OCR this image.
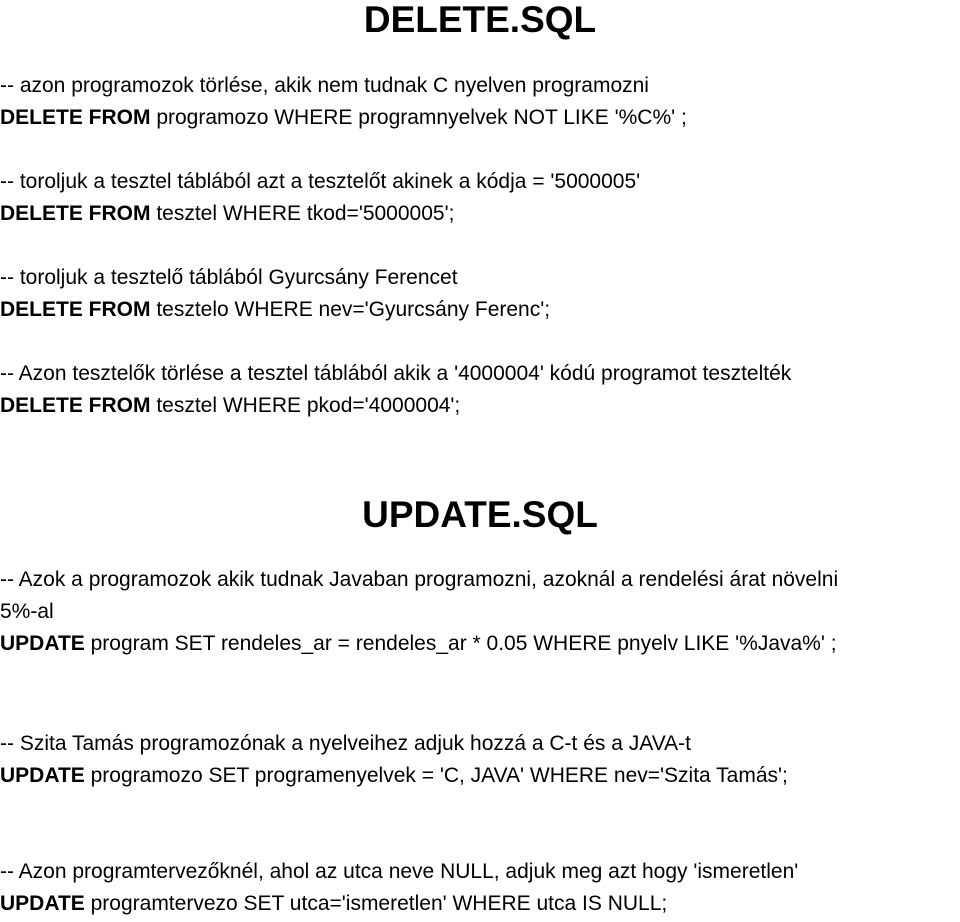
DELETE.SQL

-- azon programozok törlése, akik nem tudnak C nyelven programozni

DELETE FROM programozo WHERE programnyelvek NOT LIKE '%C%' ;

-- toroljuk a tesztel táblából azt a tesztelőt akinek a kódja = '5000005'

DELETE FROM tesztel WHERE tkod='5000005';

-- toroljuk a tesztelő táblából Gyurcsány Ferencet

DELETE FROM tesztelo WHERE nev='Gyurcsány Ferenc';

-- Azon tesztelők törlése a tesztel táblából akik a '4000004' kódú programot tesztelték

DELETE FROM tesztel WHERE pkod='4000004';

UPDATE.SQL

-- Azok a programozok akik tudnak Javaban programozni, azoknál a rendelési árat növelni

5%-al

UPDATE program SET rendeles_ar = rendeles_ar * 0.05 WHERE pnyelv LIKE '%Java%' ;

-- Szita Tamás programozónak a nyelveihez adjuk hozzá a C-t és a JAVA-t

UPDATE programozo SET programenyelvek = 'C, JAVA' WHERE nev='Szita Tamás';

-- Azon programtervezőknél, ahol az utca neve NULL, adjuk meg azt hogy 'ismeretlen'

UPDATE programtervezo SET utca='ismeretlen' WHERE utca IS NULL;
